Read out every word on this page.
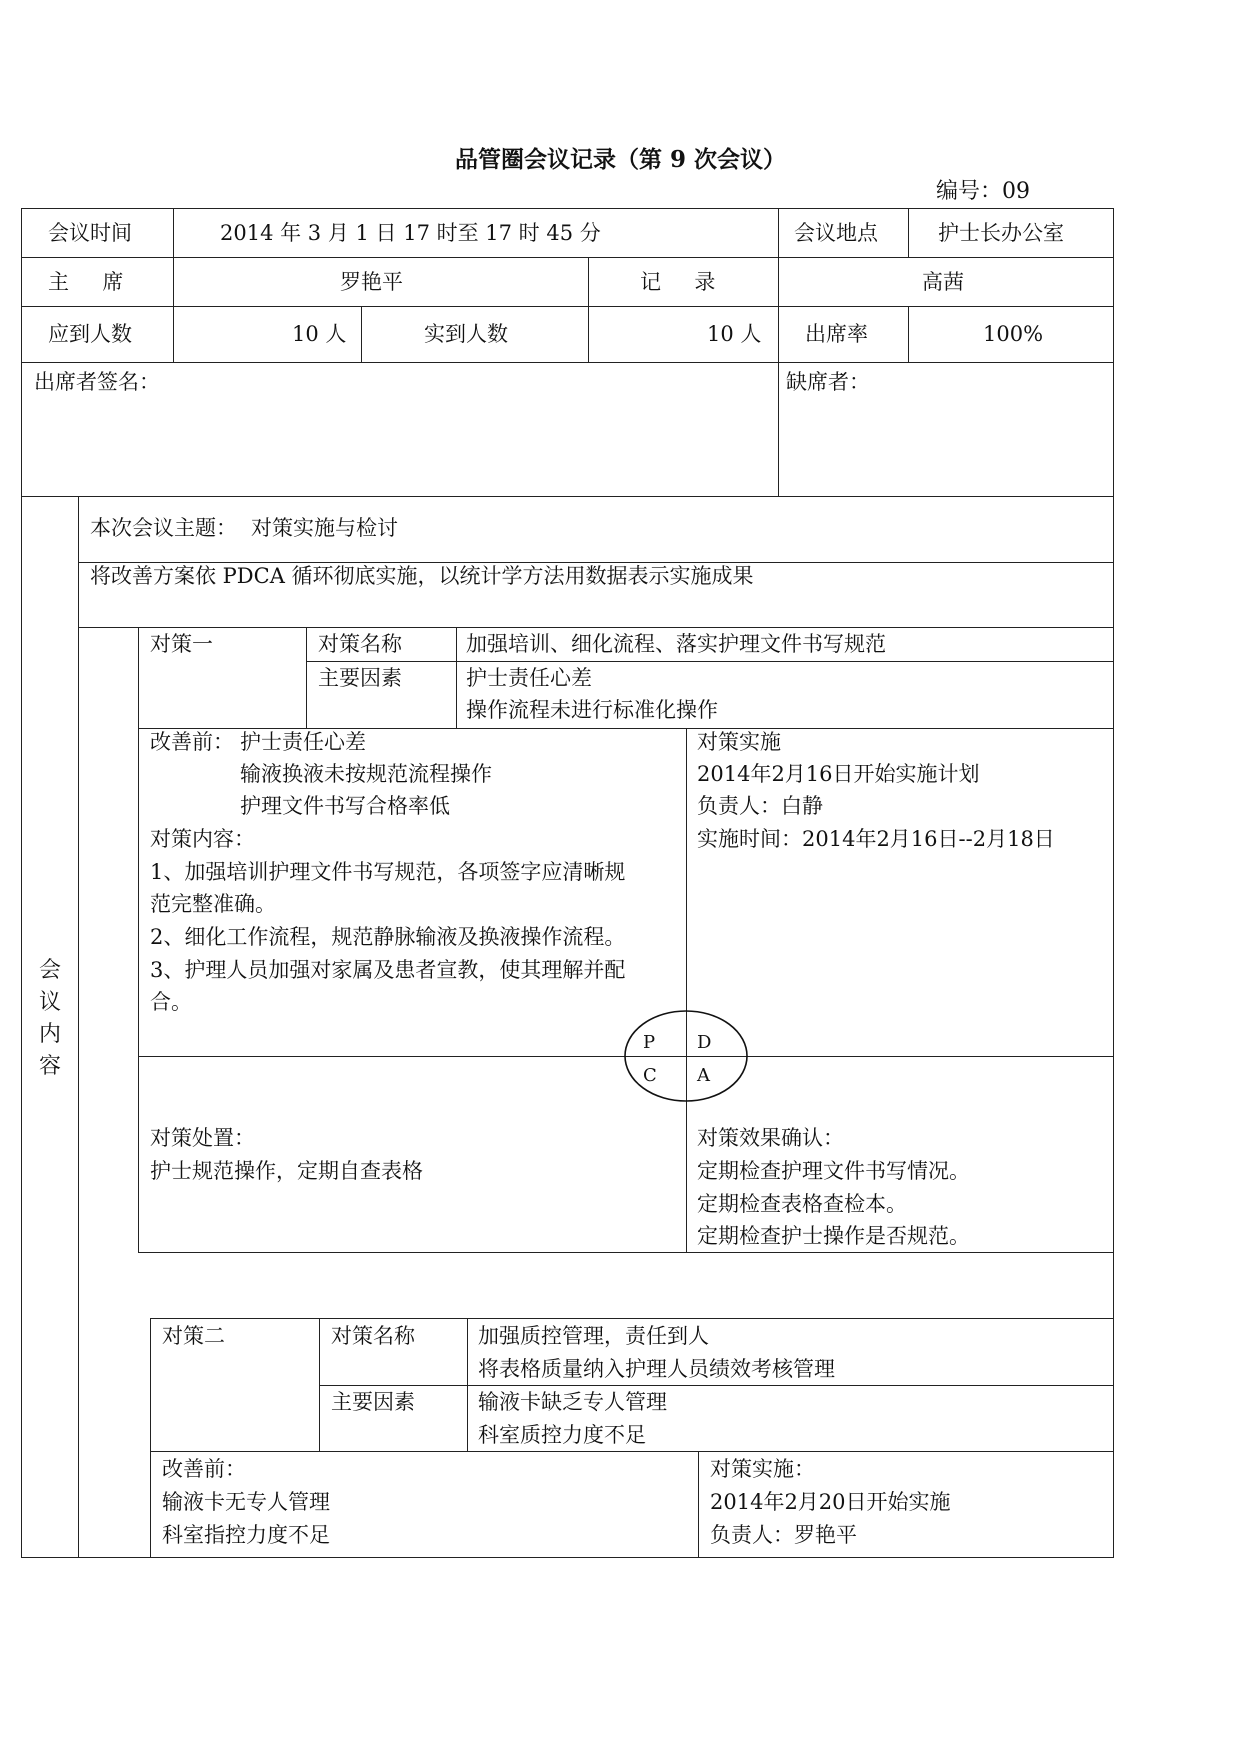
品管圈会议记录（第 9 次会议）
编号：09
会议时间	2014 年 3 月 1 日 17 时至 17 时 45 分	会议地点	护士长办公室
主     席	罗艳平	记     录	高茜
应到人数	10 人	实到人数	10 人 出席率	100%
出席者签名：	缺席者：
会议内容
本次会议主题： 对策实施与检讨
将改善方案依 PDCA 循环彻底实施，以统计学方法用数据表示实施成果
对策一	对策名称	加强培训、细化流程、落实护理文件书写规范
主要因素	护士责任心差
操作流程未进行标准化操作
改善前： 护士责任心差
输液换液未按规范流程操作
护理文件书写合格率低
对策内容：
1、加强培训护理文件书写规范，各项签字应清晰规
范完整准确。
2、细化工作流程，规范静脉输液及换液操作流程。
3、护理人员加强对家属及患者宣教，使其理解并配
合。
对策实施
2014年2月16日开始实施计划
负责人：白静
实施时间：2014年2月16日--2月18日
P D
C A
对策处置：
护士规范操作，定期自查表格
对策效果确认：
定期检查护理文件书写情况。
定期检查表格查检本。
定期检查护士操作是否规范。
对策二	对策名称	加强质控管理，责任到人
将表格质量纳入护理人员绩效考核管理
主要因素	输液卡缺乏专人管理
科室质控力度不足
改善前：
输液卡无专人管理
科室指控力度不足
对策实施：
2014年2月20日开始实施
负责人：罗艳平
